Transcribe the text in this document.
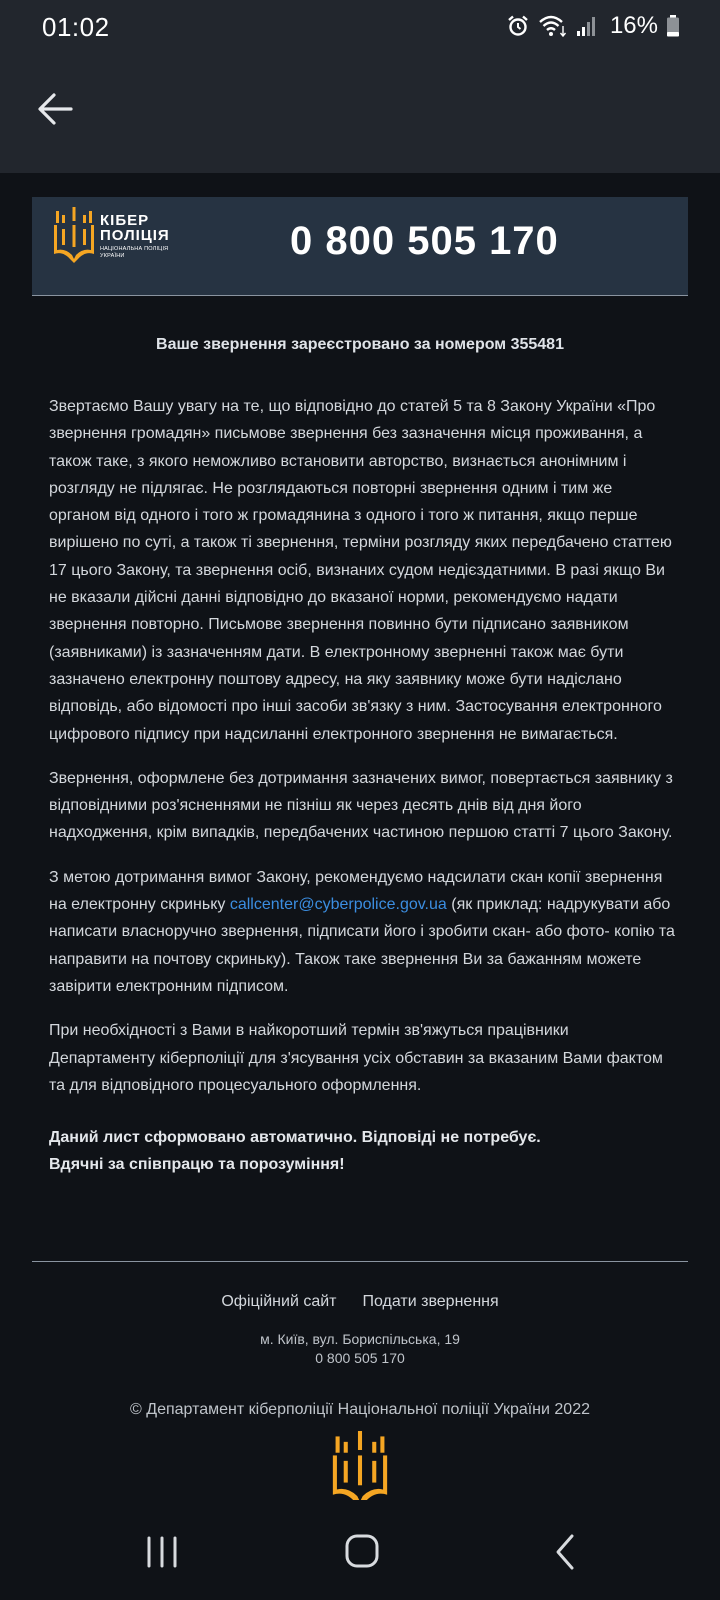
01:02	16%
КІБЕР
ПОЛІЦІЯ
НАЦІОНАЛЬНА ПОЛІЦІЯ
УКРАЇНИ	0 800 505 170
Ваше звернення зареєстровано за номером 355481

Звертаємо Вашу увагу на те, що відповідно до статей 5 та 8 Закону України «Про звернення громадян» письмове звернення без зазначення місця проживання, а також таке, з якого неможливо встановити авторство, визнається анонімним і розгляду не підлягає. Не розглядаються повторні звернення одним і тим же органом від одного і того ж громадянина з одного і того ж питання, якщо перше вирішено по суті, а також ті звернення, терміни розгляду яких передбачено статтею 17 цього Закону, та звернення осіб, визнаних судом недієздатними. В разі якщо Ви не вказали дійсні данні відповідно до вказаної норми, рекомендуємо надати звернення повторно. Письмове звернення повинно бути підписано заявником (заявниками) із зазначенням дати. В електронному зверненні також має бути зазначено електронну поштову адресу, на яку заявнику може бути надіслано відповідь, або відомості про інші засоби зв'язку з ним. Застосування електронного цифрового підпису при надсиланні електронного звернення не вимагається.

Звернення, оформлене без дотримання зазначених вимог, повертається заявнику з відповідними роз'ясненнями не пізніш як через десять днів від дня його надходження, крім випадків, передбачених частиною першою статті 7 цього Закону.

З метою дотримання вимог Закону, рекомендуємо надсилати скан копії звернення на електронну скриньку callcenter@cyberpolice.gov.ua (як приклад: надрукувати або написати власноручно звернення, підписати його і зробити скан- або фото- копію та направити на почтову скриньку). Також таке звернення Ви за бажанням можете завірити електронним підписом.

При необхідності з Вами в найкоротший термін зв'яжуться працівники Департаменту кіберполіції для з'ясування усіх обставин за вказаним Вами фактом та для відповідного процесуального оформлення.

Даний лист сформовано автоматично. Відповіді не потребує.

Вдячні за співпрацю та порозуміння!

Офіційний сайт Подати звернення
м. Київ, вул. Бориспільська, 19
0 800 505 170
© Департамент кіберполіції Національної поліції України 2022
